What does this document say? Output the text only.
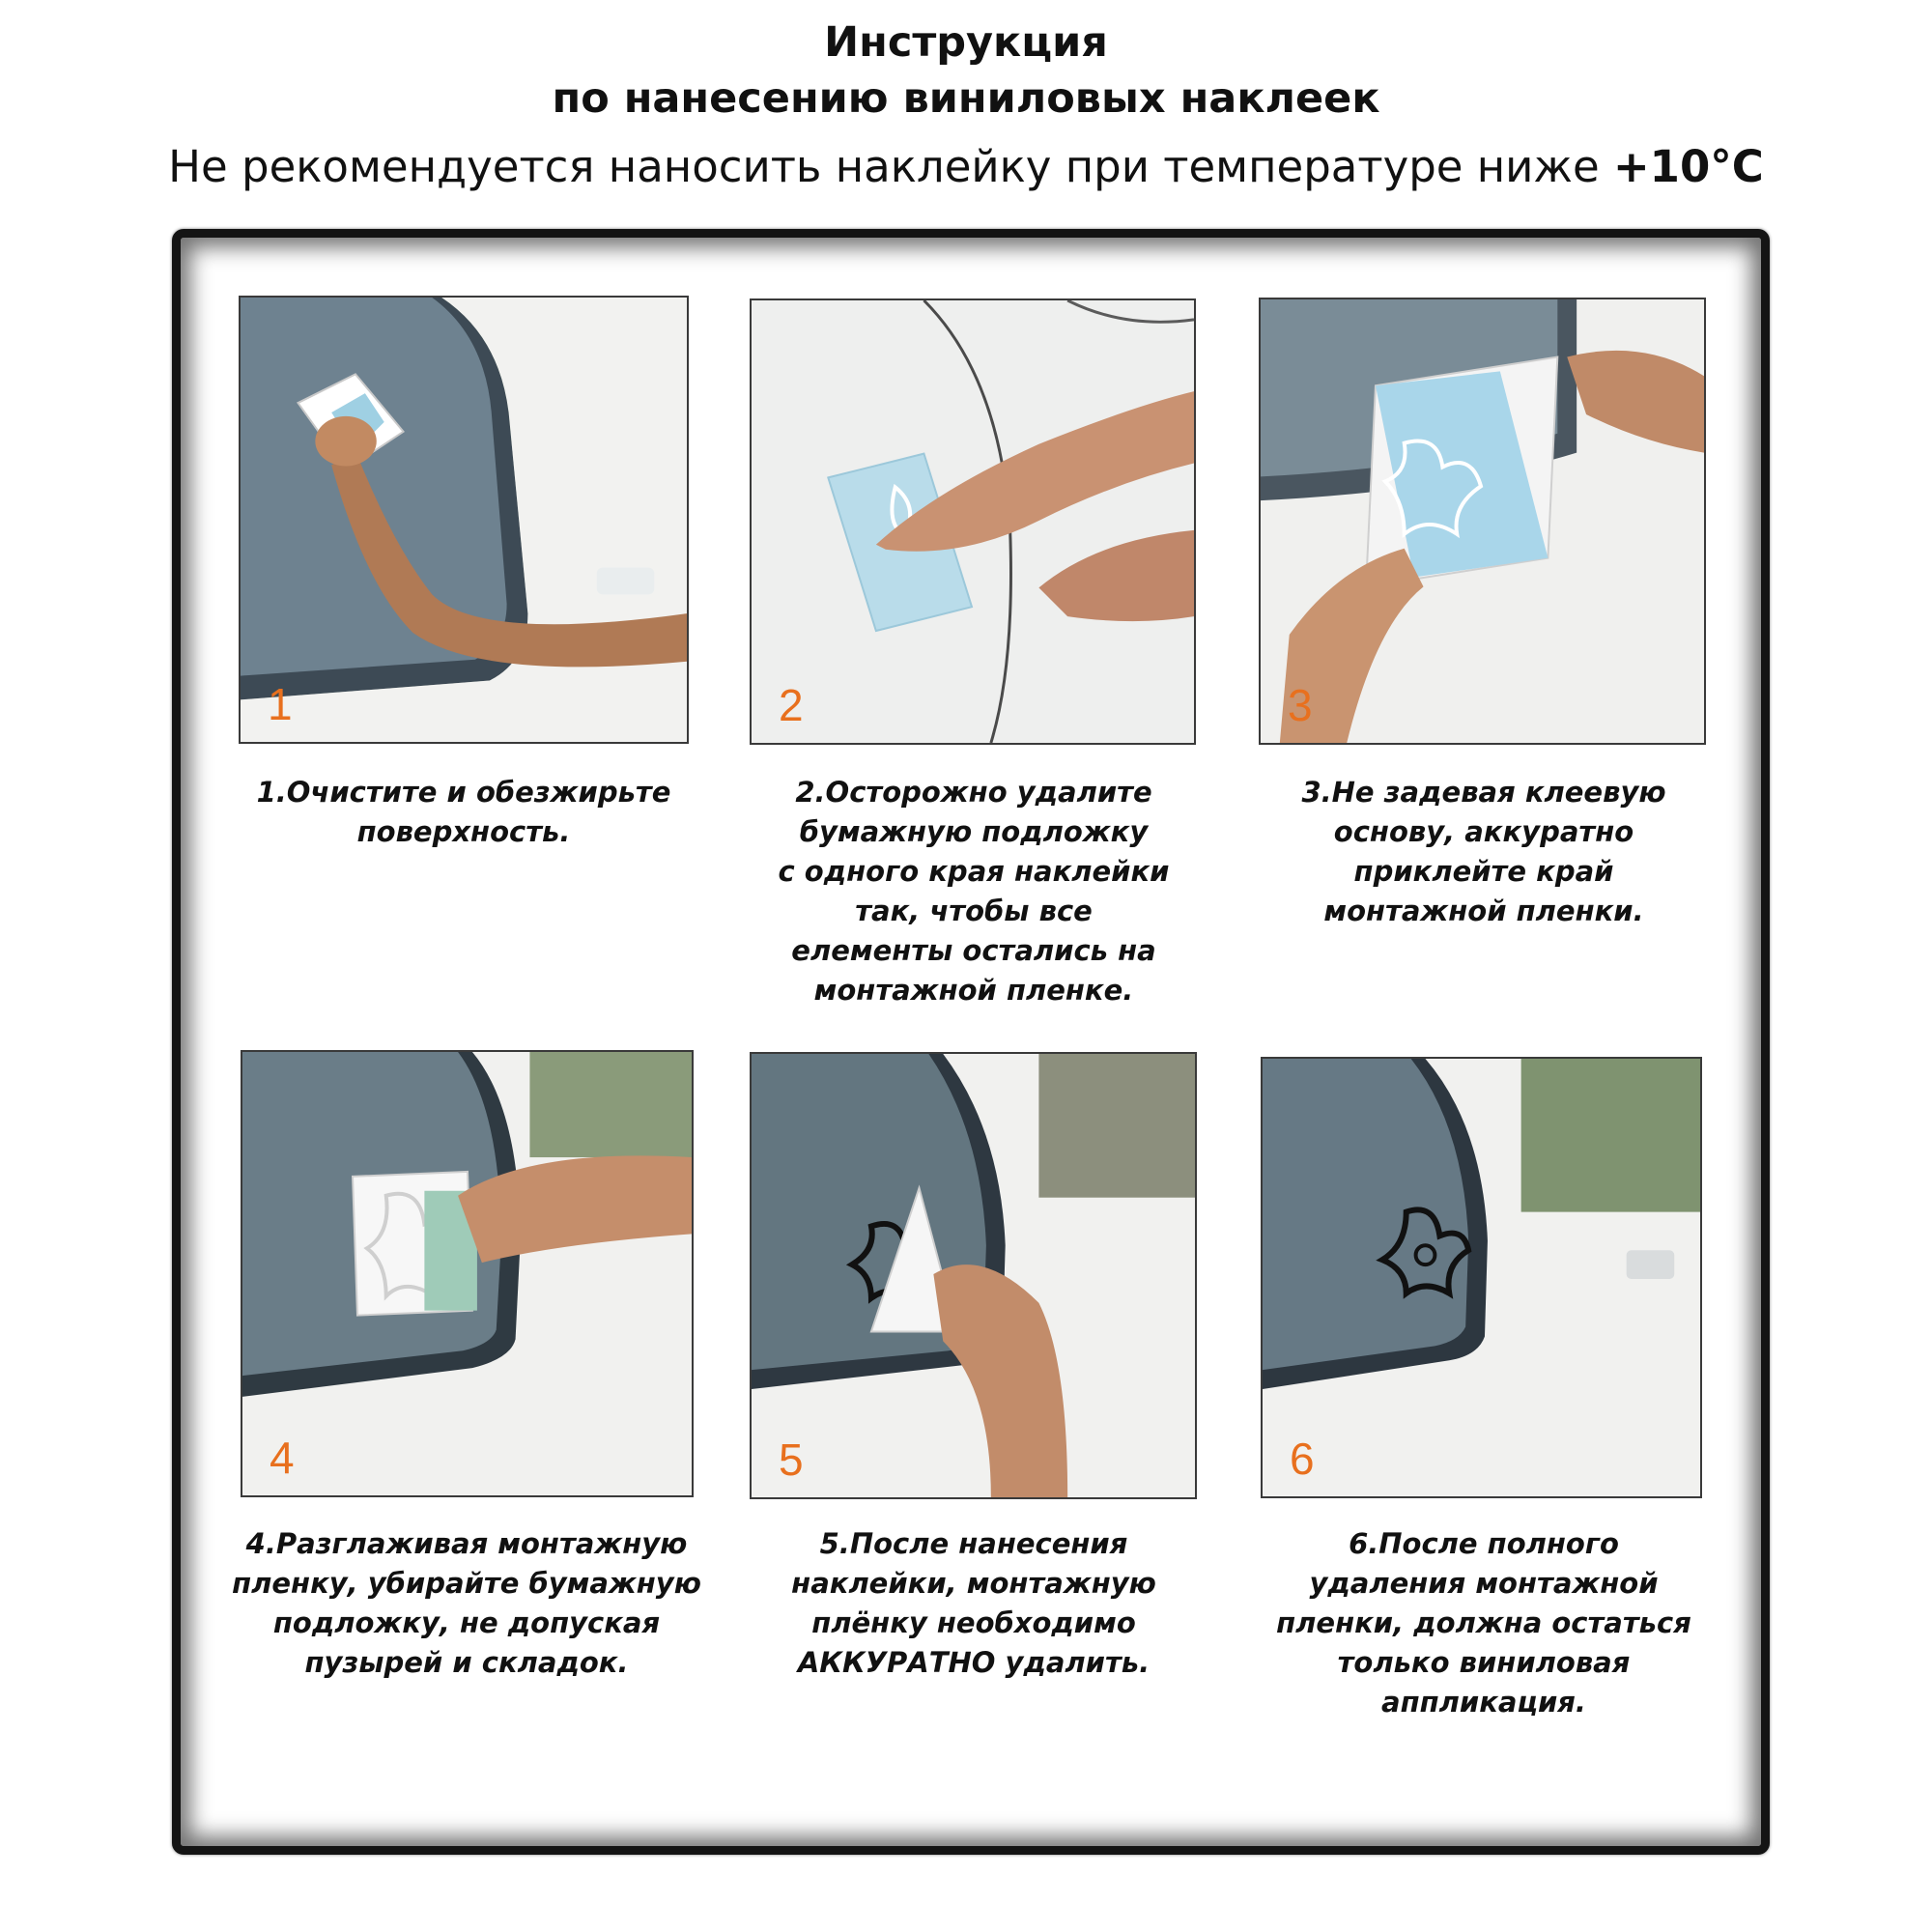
Инструкция
по нанесению виниловых наклеек
Не рекомендуется наносить наклейку при температуре ниже +10°C
1
1.Очистите и обезжирьте
поверхность.
2
2.Осторожно удалите
бумажную подложку
с одного края наклейки
так, чтобы все
елементы остались на
монтажной пленке.
3
3.Не задевая клеевую
основу, аккуратно
приклейте край
монтажной пленки.
4
4.Разглаживая монтажную
пленку, убирайте бумажную
подложку, не допуская
пузырей и складок.
5
5.После нанесения
наклейки, монтажную
плёнку необходимо
АККУРАТНО удалить.
6
6.После полного
удаления монтажной
пленки, должна остаться
только виниловая
аппликация.
